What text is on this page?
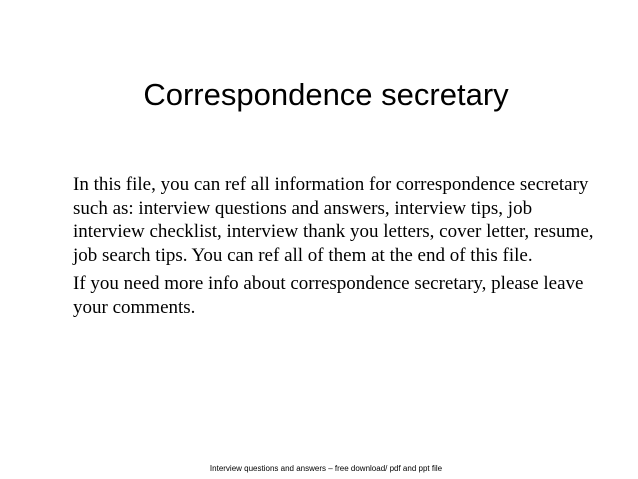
Correspondence secretary

In this file, you can ref all information for correspondence secretary such as: interview questions and answers, interview tips, job interview checklist, interview thank you letters, cover letter, resume, job search tips. You can ref all of them at the end of this file.

If you need more info about correspondence secretary, please leave your comments.

Interview questions and answers – free download/ pdf and ppt file
